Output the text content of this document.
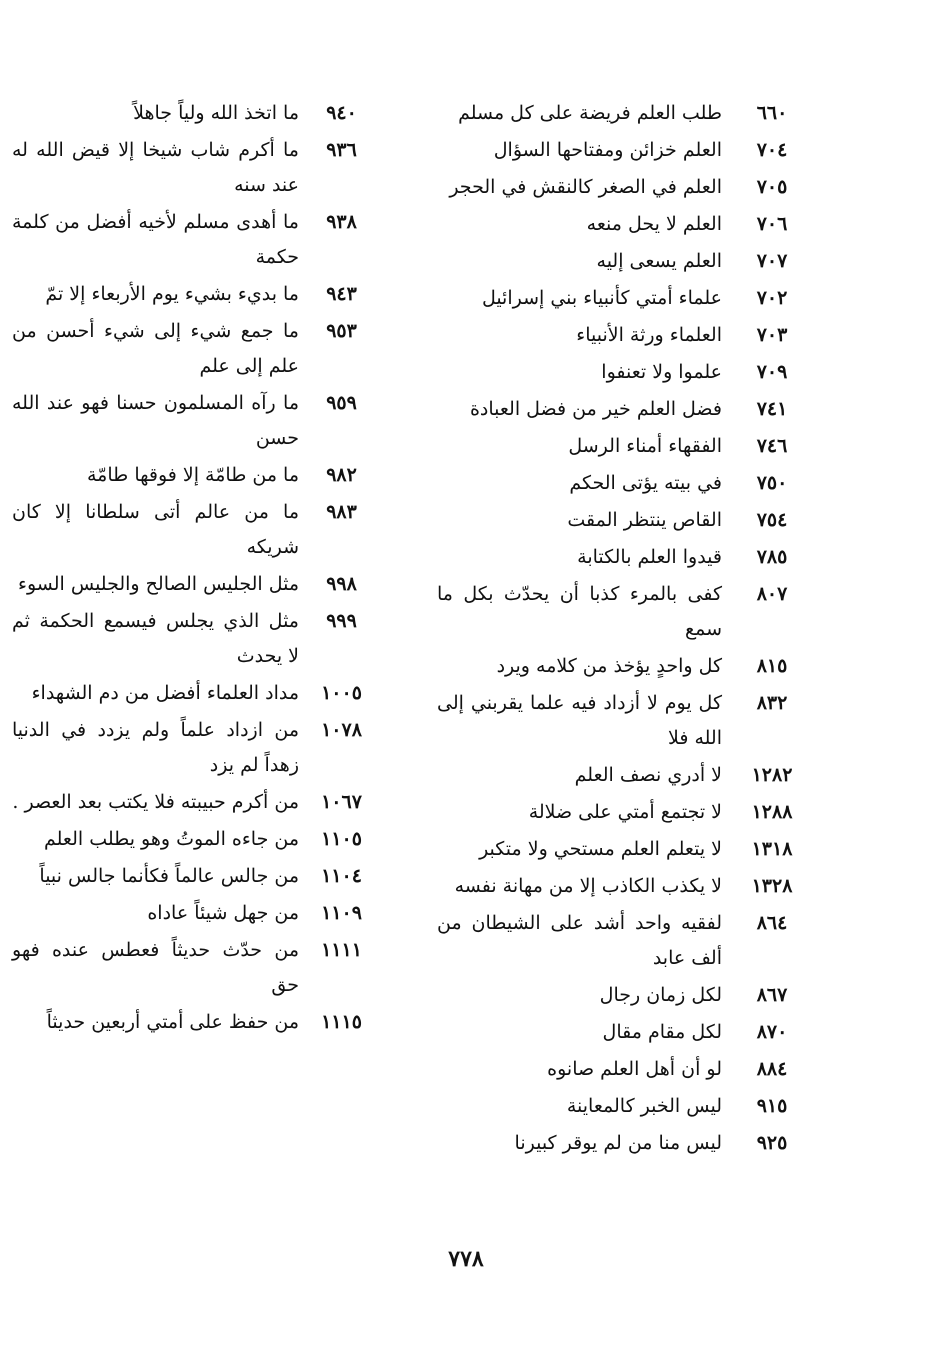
٦٦٠
طلب العلم فريضة على كل مسلم
٧٠٤
العلم خزائن ومفتاحها السؤال
٧٠٥
العلم في الصغر كالنقش في الحجر
٧٠٦
العلم لا يحل منعه
٧٠٧
العلم يسعى إليه
٧٠٢
علماء أمتي كأنبياء بني إسرائيل
٧٠٣
العلماء ورثة الأنبياء
٧٠٩
علموا ولا تعنفوا
٧٤١
فضل العلم خير من فضل العبادة
٧٤٦
الفقهاء أمناء الرسل
٧٥٠
في بيته يؤتى الحكم
٧٥٤
القاص ينتظر المقت
٧٨٥
قيدوا العلم بالكتابة
٨٠٧
كفى بالمرء كذبا أن يحدّث بكل ما سمع
٨١٥
كل واحدٍ يؤخذ من كلامه ويرد
٨٣٢
كل يوم لا أزداد فيه علما يقربني إلى الله فلا
١٢٨٢
لا أدري نصف العلم
١٢٨٨
لا تجتمع أمتي على ضلالة
١٣١٨
لا يتعلم العلم مستحي ولا متكبر
١٣٢٨
لا يكذب الكاذب إلا من مهانة نفسه
٨٦٤
لفقيه واحد أشد على الشيطان من ألف عابد
٨٦٧
لكل زمان رجال
٨٧٠
لكل مقام مقال
٨٨٤
لو أن أهل العلم صانوه
٩١٥
ليس الخبر كالمعاينة
٩٢٥
ليس منا من لم يوقر كبيرنا
٩٤٠
ما اتخذ الله ولياً جاهلاً
٩٣٦
ما أكرم شاب شيخا إلا قيض الله له عند سنه
٩٣٨
ما أهدى مسلم لأخيه أفضل من كلمة حكمة
٩٤٣
ما بديء بشيء يوم الأربعاء إلا تمّ
٩٥٣
ما جمع شيء إلى شيء أحسن من علم إلى علم
٩٥٩
ما رآه المسلمون حسنا فهو عند الله حسن
٩٨٢
ما من طامّة إلا فوقها طامّة
٩٨٣
ما من عالم أتى سلطانا إلا كان شريكه
٩٩٨
مثل الجليس الصالح والجليس السوء
٩٩٩
مثل الذي يجلس فيسمع الحكمة ثم لا يحدث
١٠٠٥
مداد العلماء أفضل من دم الشهداء
١٠٧٨
من ازداد علماً ولم يزدد في الدنيا زهداً لم يزد
١٠٦٧
من أكرم حبيبته فلا يكتب بعد العصر .
١١٠٥
من جاءه الموتُ وهو يطلب العلم
١١٠٤
من جالس عالماً فكأنما جالس نبياً
١١٠٩
من جهل شيئاً عاداه
١١١١
من حدّث حديثاً فعطس عنده فهو حق
١١١٥
من حفظ على أمتي أربعين حديثاً
٧٧٨
